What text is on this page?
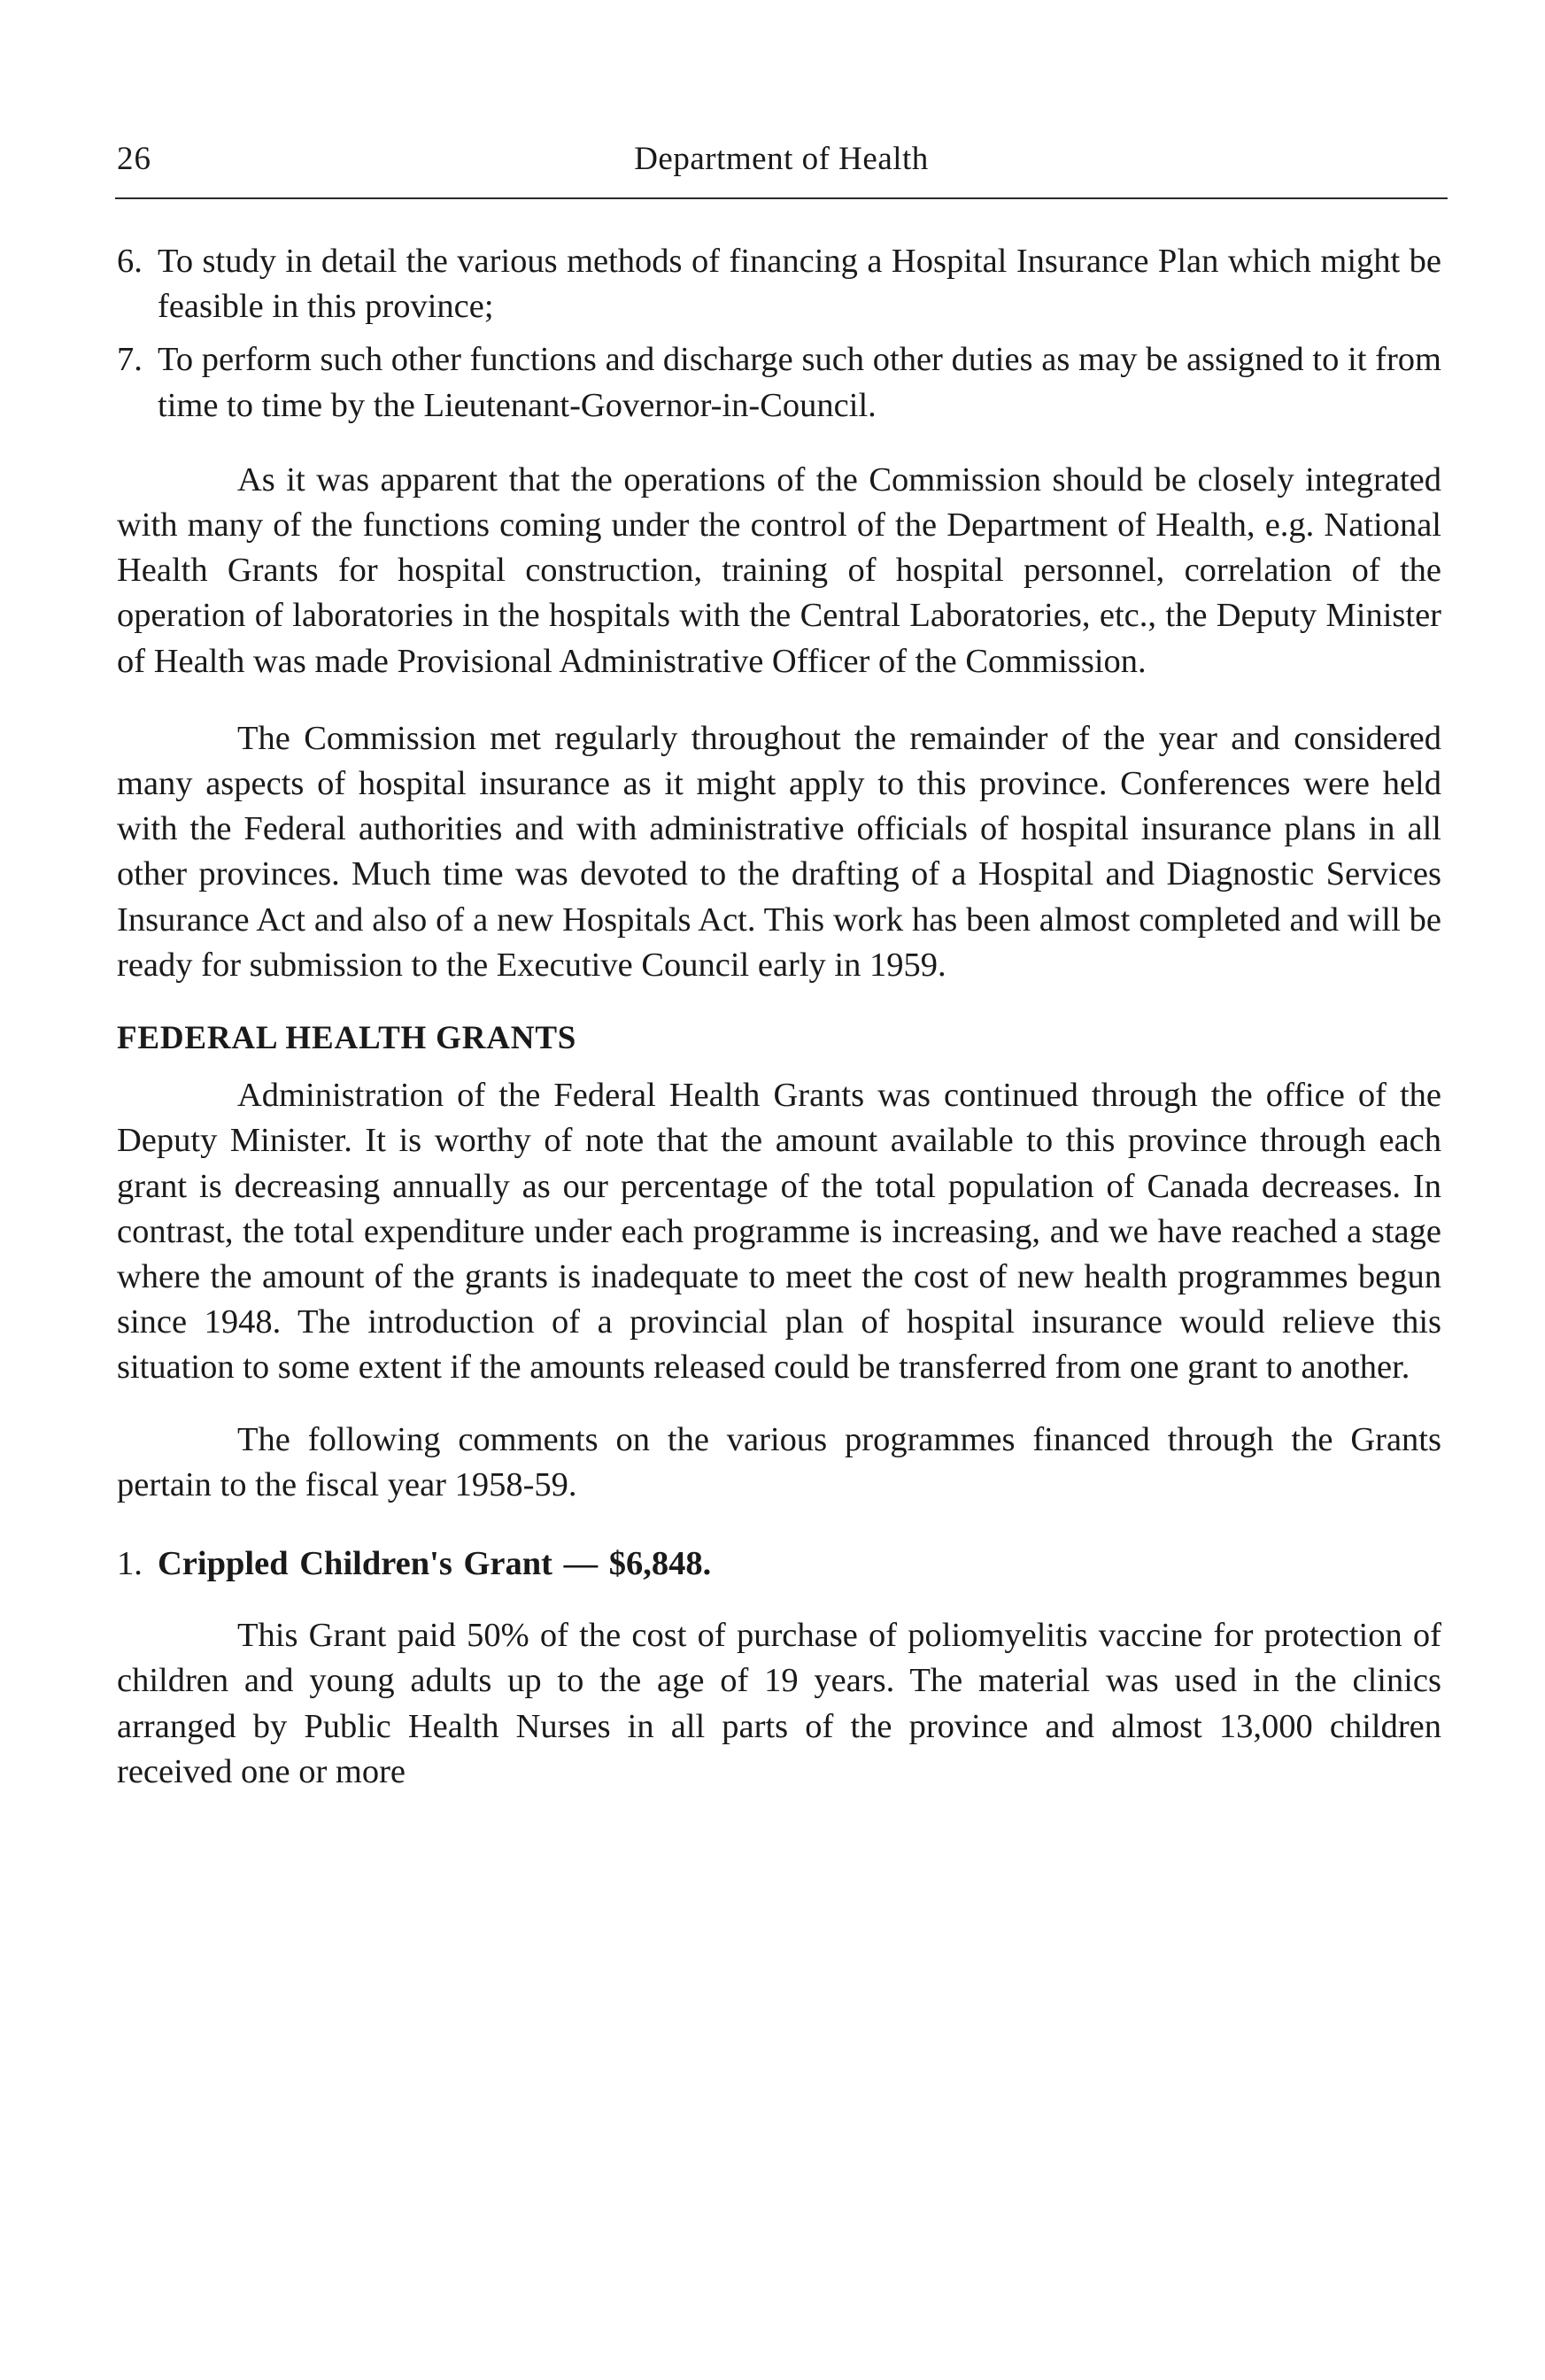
26	Department of Health
6. To study in detail the various methods of financing a Hospital Insurance Plan which might be feasible in this province;
7. To perform such other functions and discharge such other duties as may be assigned to it from time to time by the Lieutenant-Governor-in-Council.

As it was apparent that the operations of the Commission should be closely integrated with many of the functions coming under the control of the Department of Health, e.g. National Health Grants for hospital construction, training of hospital personnel, correlation of the operation of laboratories in the hospitals with the Central Laboratories, etc., the Deputy Minister of Health was made Provisional Administrative Officer of the Commission.

The Commission met regularly throughout the remainder of the year and considered many aspects of hospital insurance as it might apply to this province. Conferences were held with the Federal authorities and with administrative officials of hospital insurance plans in all other provinces. Much time was devoted to the drafting of a Hospital and Diagnostic Services Insurance Act and also of a new Hospitals Act. This work has been almost completed and will be ready for submission to the Executive Council early in 1959.

FEDERAL HEALTH GRANTS

Administration of the Federal Health Grants was continued through the office of the Deputy Minister. It is worthy of note that the amount available to this province through each grant is decreasing annually as our percentage of the total population of Canada decreases. In contrast, the total expenditure under each programme is increasing, and we have reached a stage where the amount of the grants is inadequate to meet the cost of new health programmes begun since 1948. The introduction of a provincial plan of hospital insurance would relieve this situation to some extent if the amounts released could be transferred from one grant to another.

The following comments on the various programmes financed through the Grants pertain to the fiscal year 1958-59.

1. Crippled Children's Grant — $6,848.

This Grant paid 50% of the cost of purchase of poliomyelitis vaccine for protection of children and young adults up to the age of 19 years. The material was used in the clinics arranged by Public Health Nurses in all parts of the province and almost 13,000 children received one or more
